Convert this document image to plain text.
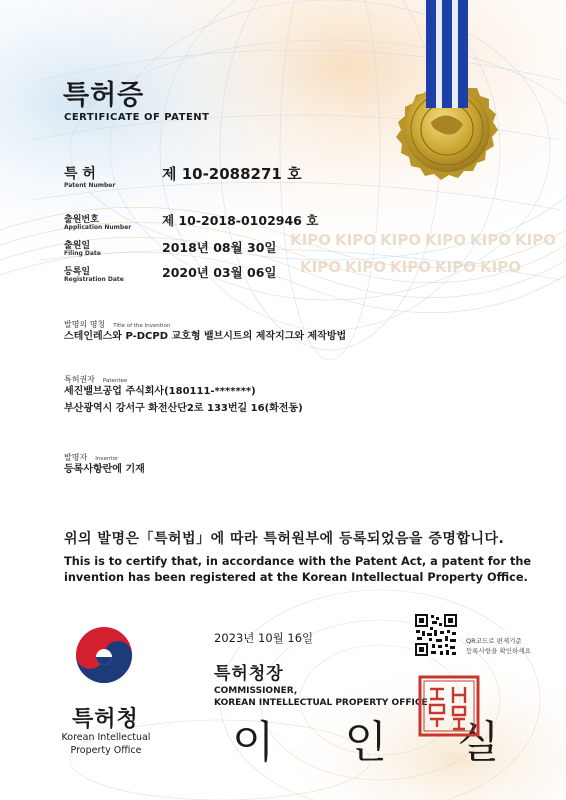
KIPO KIPO KIPO KIPO KIPO KIPO
KIPO KIPO KIPO KIPO KIPO
특허증
CERTIFICATE OF PATENT
특 허
Patent Number
제 10-2088271 호
출원번호
Application Number 제 10-2018-0102946 호
출원일
Filing Date	2018년 08월 30일
등록일
Registration Date	2020년 03월 06일
발명의 명칭 Title of the Invention
스테인레스와 P-DCPD 교호형 밸브시트의 제작지그와 제작방법
특허권자 Patentee
세진밸브공업 주식회사(180111-*******)
부산광역시 강서구 화전산단2로 133번길 16(화전동)
발명자 Inventor
등록사항란에 기재
위의 발명은「특허법」에 따라 특허원부에 등록되었음을 증명합니다.
This is to certify that, in accordance with the Patent Act, a patent for the
invention has been registered at the Korean Intellectual Property Office.
2023년 10월 16일	QR코드로 편제기준
등록사항을 확인하세요
특허청장
COMMISSIONER,
KOREAN INTELLECTUAL PROPERTY OFFICE
이 인 실
특허청
Korean Intellectual
Property Office
